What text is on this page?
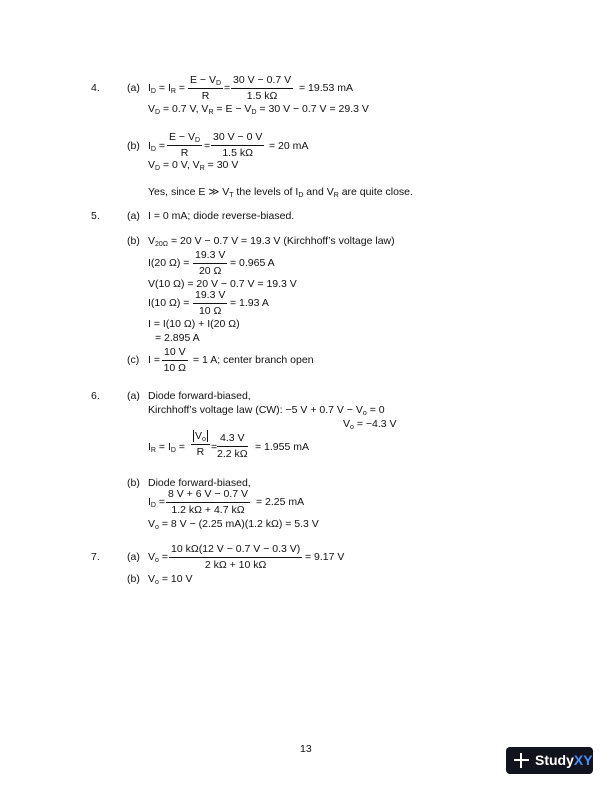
4.	(a) $I_D = I_R = \frac{E - V_D}{R} = \frac{30 V - 0.7 V}{1.5 k\Omega} = 19.53$ mA
$V_D = 0.7$ V, $V_R = E - V_D = 30$ V − 0.7 V = 29.3 V
(b) $I_D = \frac{E - V_D}{R} = \frac{30 V - 0 V}{1.5 k\Omega} = 20$ mA
$V_D = 0$ V, $V_R = 30$ V
Yes, since E ≫ $V_T$ the levels of $I_D$ and $V_R$ are quite close.
5.	(a) I = 0 mA; diode reverse-biased.
(b) $V_{20\Omega} = 20$ V − 0.7 V = 19.3 V (Kirchhoff’s voltage law)
I(20 $\Omega) = \frac{19.3 V}{20 \Omega} = 0.965$ A
V(10 Ω) = 20 V − 0.7 V = 19.3 V
I(10 $\Omega) = \frac{19.3 V}{10 \Omega} = 1.93$ A
I = I(10 Ω) + I(20 Ω)
= 2.895 A
(c) $I = \frac{10 V}{10 \Omega} = 1$ A; center branch open
6.	(a) Diode forward-biased,
Kirchhoff’s voltage law (CW): −5 V + 0.7 $V - V_o = 0$
$V_o = -4.3$ V
$I_R = I_D = \frac{V_o}{R} = \frac{4.3 V}{2.2 k\Omega} = 1.955$ mA
(b) Diode forward-biased,
$I_D = \frac{8 V + 6 V - 0.7 V}{1.2 k\Omega + 4.7 k\Omega} = 2.25$ mA
$V_o = 8$ V − (2.25 mA)(1.2 kΩ) = 5.3 V
7.	(a) $V_o = \frac{10 k\Omega(12 V - 0.7 V - 0.3 V)}{2 k\Omega + 10 k\Omega} = 9.17$ V
(b) $V_o = 10$ V
13
StudyXY
